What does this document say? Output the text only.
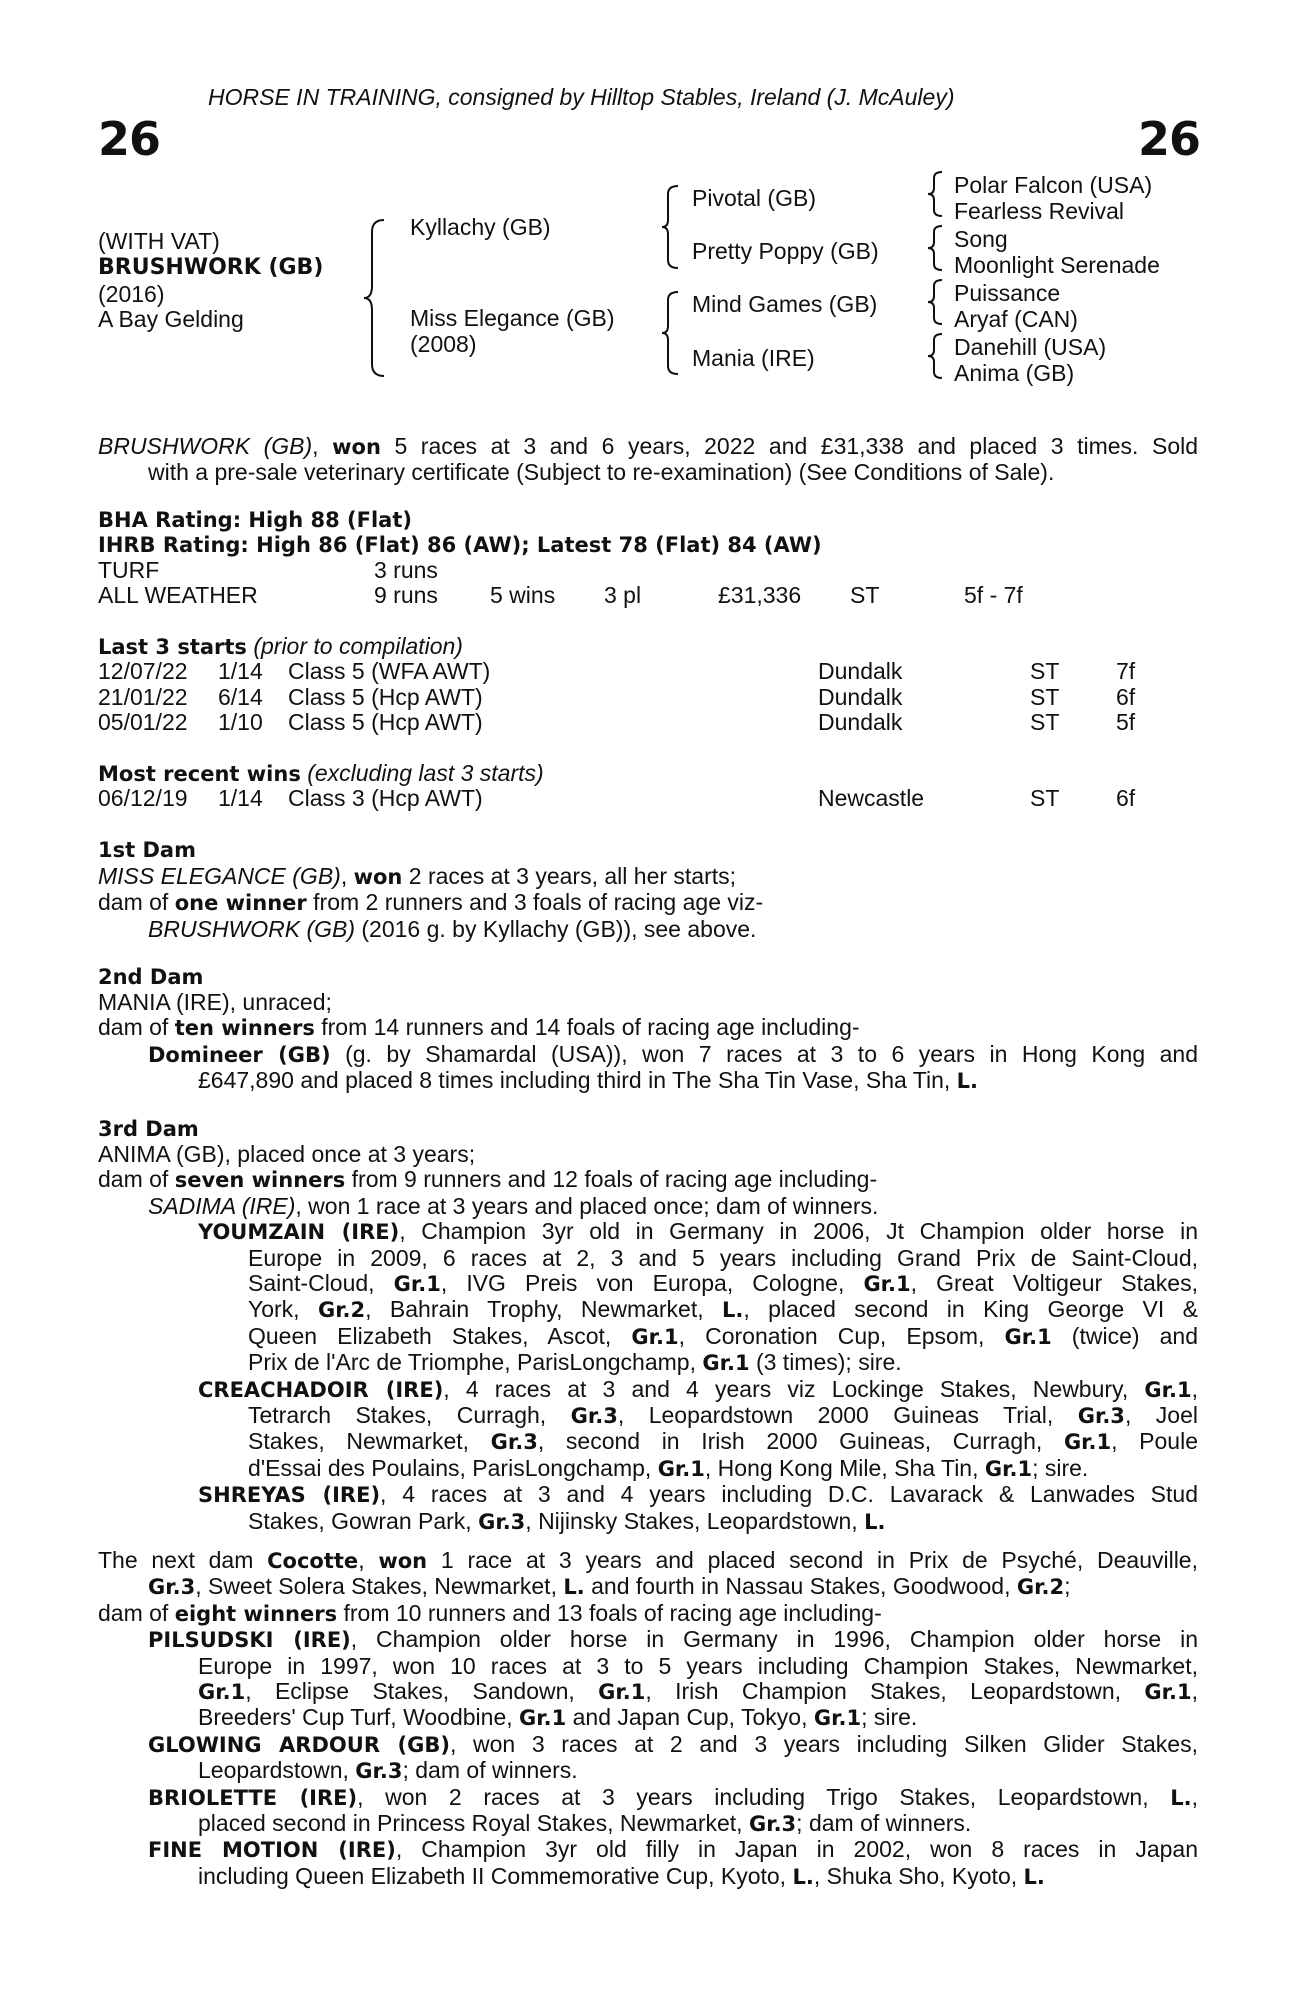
HORSE IN TRAINING, consigned by Hilltop Stables, Ireland (J. McAuley)
26	26
(WITH VAT)
BRUSHWORK (GB)
(2016)
A Bay Gelding
Kyllachy (GB)
Miss Elegance (GB)
(2008)
Pivotal (GB)
Pretty Poppy (GB)
Mind Games (GB)
Mania (IRE)
Polar Falcon (USA)
Fearless Revival
Song
Moonlight Serenade
Puissance
Aryaf (CAN)
Danehill (USA)
Anima (GB)
BRUSHWORK (GB), won 5 races at 3 and 6 years, 2022 and £31,338 and placed 3 times. Sold
with a pre-sale veterinary certificate (Subject to re-examination) (See Conditions of Sale).
BHA Rating: High 88 (Flat)
IHRB Rating: High 86 (Flat) 86 (AW); Latest 78 (Flat) 84 (AW)
TURF	3 runs
ALL WEATHER	9 runs 5 wins 3 pl	£31,336 ST	5f - 7f
Last 3 starts (prior to compilation)
12/07/22 1/14 Class 5 (WFA AWT)	Dundalk	ST 7f
21/01/22 6/14 Class 5 (Hcp AWT)	Dundalk	ST 6f
05/01/22 1/10 Class 5 (Hcp AWT)	Dundalk	ST 5f
Most recent wins (excluding last 3 starts)
06/12/19 1/14 Class 3 (Hcp AWT)	Newcastle	ST 6f
1st Dam
MISS ELEGANCE (GB), won 2 races at 3 years, all her starts;
dam of one winner from 2 runners and 3 foals of racing age viz-
BRUSHWORK (GB) (2016 g. by Kyllachy (GB)), see above.
2nd Dam
MANIA (IRE), unraced;
dam of ten winners from 14 runners and 14 foals of racing age including-
Domineer (GB) (g. by Shamardal (USA)), won 7 races at 3 to 6 years in Hong Kong and
£647,890 and placed 8 times including third in The Sha Tin Vase, Sha Tin, L.
3rd Dam
ANIMA (GB), placed once at 3 years;
dam of seven winners from 9 runners and 12 foals of racing age including-
SADIMA (IRE), won 1 race at 3 years and placed once; dam of winners.
YOUMZAIN (IRE), Champion 3yr old in Germany in 2006, Jt Champion older horse in
Europe in 2009, 6 races at 2, 3 and 5 years including Grand Prix de Saint-Cloud,
Saint-Cloud, Gr.1, IVG Preis von Europa, Cologne, Gr.1, Great Voltigeur Stakes,
York, Gr.2, Bahrain Trophy, Newmarket, L., placed second in King George VI &
Queen Elizabeth Stakes, Ascot, Gr.1, Coronation Cup, Epsom, Gr.1 (twice) and
Prix de l'Arc de Triomphe, ParisLongchamp, Gr.1 (3 times); sire.
CREACHADOIR (IRE), 4 races at 3 and 4 years viz Lockinge Stakes, Newbury, Gr.1,
Tetrarch Stakes, Curragh, Gr.3, Leopardstown 2000 Guineas Trial, Gr.3, Joel
Stakes, Newmarket, Gr.3, second in Irish 2000 Guineas, Curragh, Gr.1, Poule
d'Essai des Poulains, ParisLongchamp, Gr.1, Hong Kong Mile, Sha Tin, Gr.1; sire.
SHREYAS (IRE), 4 races at 3 and 4 years including D.C. Lavarack & Lanwades Stud
Stakes, Gowran Park, Gr.3, Nijinsky Stakes, Leopardstown, L.
The next dam Cocotte, won 1 race at 3 years and placed second in Prix de Psyché, Deauville,
Gr.3, Sweet Solera Stakes, Newmarket, L. and fourth in Nassau Stakes, Goodwood, Gr.2;
dam of eight winners from 10 runners and 13 foals of racing age including-
PILSUDSKI (IRE), Champion older horse in Germany in 1996, Champion older horse in
Europe in 1997, won 10 races at 3 to 5 years including Champion Stakes, Newmarket,
Gr.1, Eclipse Stakes, Sandown, Gr.1, Irish Champion Stakes, Leopardstown, Gr.1,
Breeders' Cup Turf, Woodbine, Gr.1 and Japan Cup, Tokyo, Gr.1; sire.
GLOWING ARDOUR (GB), won 3 races at 2 and 3 years including Silken Glider Stakes,
Leopardstown, Gr.3; dam of winners.
BRIOLETTE (IRE), won 2 races at 3 years including Trigo Stakes, Leopardstown, L.,
placed second in Princess Royal Stakes, Newmarket, Gr.3; dam of winners.
FINE MOTION (IRE), Champion 3yr old filly in Japan in 2002, won 8 races in Japan
including Queen Elizabeth II Commemorative Cup, Kyoto, L., Shuka Sho, Kyoto, L.
